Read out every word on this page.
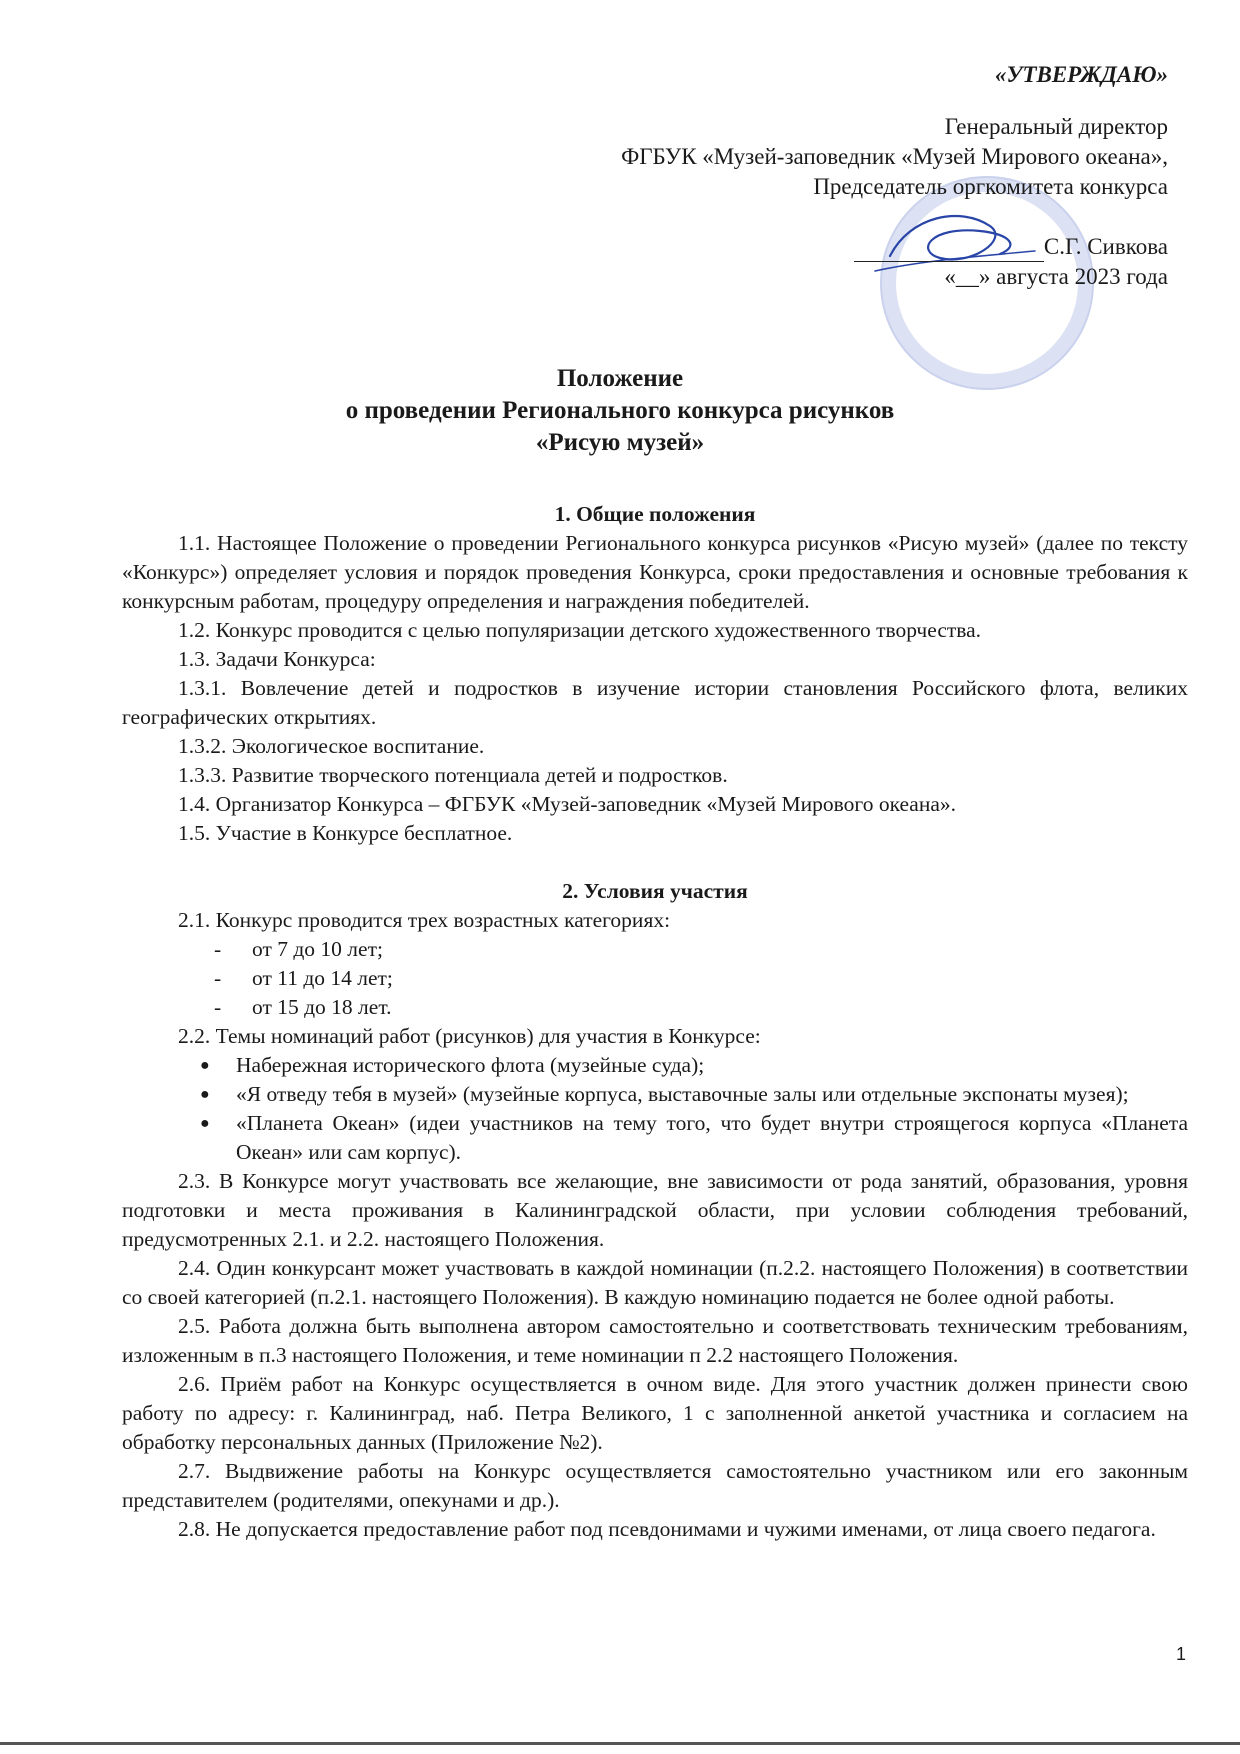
«УТВЕРЖДАЮ»
Генеральный директор
ФГБУК «Музей-заповедник «Музей Мирового океана»,
Председатель оргкомитета конкурса
С.Г. Сивкова
«__» августа 2023 года
Положение
о проведении Регионального конкурса рисунков
«Рисую музей»

1. Общие положения

1.1. Настоящее Положение о проведении Регионального конкурса рисунков «Рисую музей» (далее по тексту «Конкурс») определяет условия и порядок проведения Конкурса, сроки предоставления и основные требования к конкурсным работам, процедуру определения и награждения победителей.

1.2. Конкурс проводится с целью популяризации детского художественного творчества.

1.3. Задачи Конкурса:

1.3.1. Вовлечение детей и подростков в изучение истории становления Российского флота, великих географических открытиях.

1.3.2. Экологическое воспитание.

1.3.3. Развитие творческого потенциала детей и подростков.

1.4. Организатор Конкурса – ФГБУК «Музей-заповедник «Музей Мирового океана».

1.5. Участие в Конкурсе бесплатное.

2. Условия участия

2.1. Конкурс проводится трех возрастных категориях:

- от 7 до 10 лет;
- от 11 до 14 лет;
- от 15 до 18 лет.

2.2. Темы номинаций работ (рисунков) для участия в Конкурсе:

● Набережная исторического флота (музейные суда);
● «Я отведу тебя в музей» (музейные корпуса, выставочные залы или отдельные экспонаты музея);
● «Планета Океан» (идеи участников на тему того, что будет внутри строящегося корпуса «Планета Океан» или сам корпус).

2.3. В Конкурсе могут участвовать все желающие, вне зависимости от рода занятий, образования, уровня подготовки и места проживания в Калининградской области, при условии соблюдения требований, предусмотренных 2.1. и 2.2. настоящего Положения.

2.4. Один конкурсант может участвовать в каждой номинации (п.2.2. настоящего Положения) в соответствии со своей категорией (п.2.1. настоящего Положения). В каждую номинацию подается не более одной работы.

2.5. Работа должна быть выполнена автором самостоятельно и соответствовать техническим требованиям, изложенным в п.3 настоящего Положения, и теме номинации п 2.2 настоящего Положения.

2.6. Приём работ на Конкурс осуществляется в очном виде. Для этого участник должен принести свою работу по адресу: г. Калининград, наб. Петра Великого, 1 с заполненной анкетой участника и согласием на обработку персональных данных (Приложение №2).

2.7. Выдвижение работы на Конкурс осуществляется самостоятельно участником или его законным представителем (родителями, опекунами и др.).

2.8. Не допускается предоставление работ под псевдонимами и чужими именами, от лица своего педагога.

1
